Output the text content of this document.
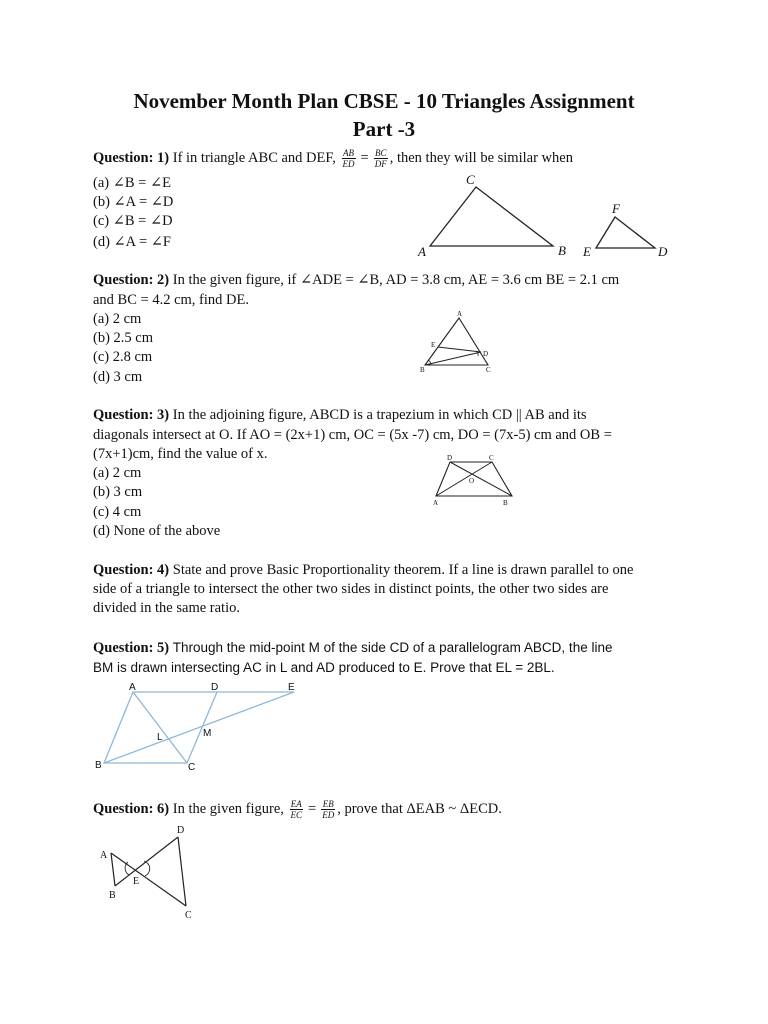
November Month Plan CBSE - 10 Triangles Assignment
Part -3
Question: 1) If in triangle ABC and DEF, $\frac{AB}{ED} = \frac{BC}{DF}$ , then they will be similar when
(a) ∠B = ∠E
(b) ∠A = ∠D
(c) ∠B = ∠D
(d) ∠A = ∠F
A	B
C
E
F
D
Question: 2) In the given figure, if ∠ADE = ∠B, AD = 3.8 cm, AE = 3.6 cm BE = 2.1 cm
and BC = 4.2 cm, find DE.
(a) 2 cm
(b) 2.5 cm
(c) 2.8 cm
(d) 3 cm
A
E
D
B	C
Question: 3) In the adjoining figure, ABCD is a trapezium in which CD || AB and its
diagonals intersect at O. If AO = (2x+1) cm, OC = (5x -7) cm, DO = (7x-5) cm and OB =
(7x+1)cm, find the value of x.
(a) 2 cm
(b) 3 cm
(c) 4 cm
(d) None of the above
D	C
O
A	B
Question: 4) State and prove Basic Proportionality theorem. If a line is drawn parallel to one
side of a triangle to intersect the other two sides in distinct points, the other two sides are
divided in the same ratio.
Question: 5) Through the mid-point M of the side CD of a parallelogram ABCD, the line
BM is drawn intersecting AC in L and AD produced to E. Prove that EL = 2BL.
A	D	E
L	M
B	C
Question: 6) In the given figure, $\frac{EA}{EC} = \frac{EB}{ED}$ , prove that ΔEAB ~ ΔECD.
A
E
B
D
C
